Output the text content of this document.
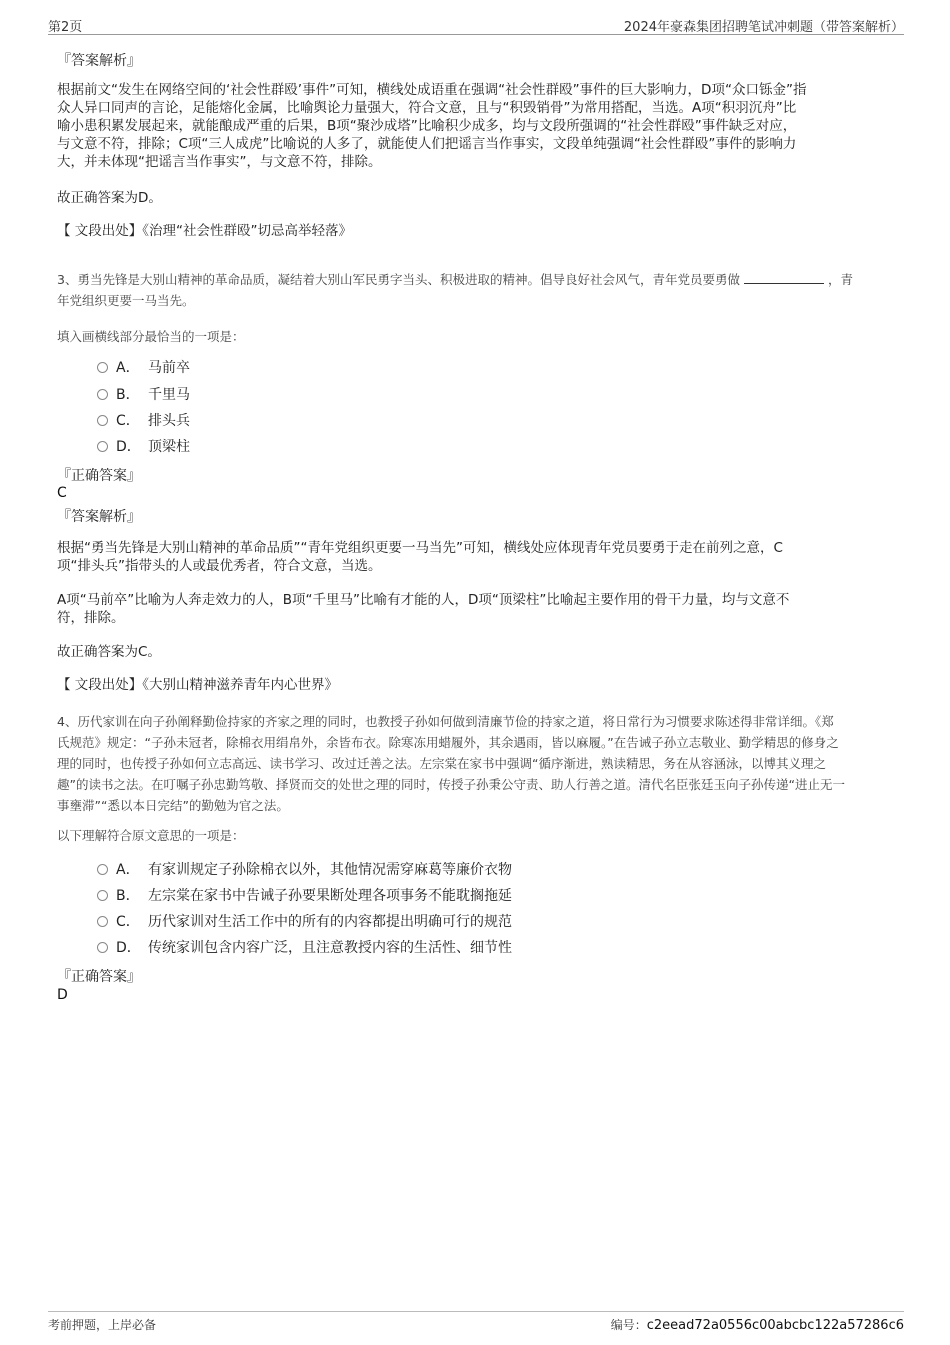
第2页	2024年豪森集团招聘笔试冲刺题（带答案解析）
『答案解析』
根据前文“发生在网络空间的‘社会性群殴’事件”可知，横线处成语重在强调“社会性群殴”事件的巨大影响力，D项“众口铄金”指
众人异口同声的言论，足能熔化金属，比喻舆论力量强大，符合文意，且与“积毁销骨”为常用搭配，当选。A项“积羽沉舟”比
喻小患积累发展起来，就能酿成严重的后果，B项“聚沙成塔”比喻积少成多，均与文段所强调的“社会性群殴”事件缺乏对应，
与文意不符，排除；C项“三人成虎”比喻说的人多了，就能使人们把谣言当作事实，文段单纯强调“社会性群殴”事件的影响力
大，并未体现“把谣言当作事实”，与文意不符，排除。
故正确答案为D。
【 文段出处】《治理“社会性群殴”切忌高举轻落》
3、勇当先锋是大别山精神的革命品质，凝结着大别山军民勇字当头、积极进取的精神。倡导良好社会风气，青年党员要勇做	，青
年党组织更要一马当先。
填入画横线部分最恰当的一项是：
A． 马前卒
B． 千里马
C． 排头兵
D． 顶梁柱
『正确答案』
C
『答案解析』
根据“勇当先锋是大别山精神的革命品质”“青年党组织更要一马当先”可知，横线处应体现青年党员要勇于走在前列之意，C
项“排头兵”指带头的人或最优秀者，符合文意，当选。
A项“马前卒”比喻为人奔走效力的人，B项“千里马”比喻有才能的人，D项“顶梁柱”比喻起主要作用的骨干力量，均与文意不
符，排除。
故正确答案为C。
【 文段出处】《大别山精神滋养青年内心世界》
4、历代家训在向子孙阐释勤俭持家的齐家之理的同时，也教授子孙如何做到清廉节俭的持家之道，将日常行为习惯要求陈述得非常详细。《郑
氏规范》规定：“子孙未冠者，除棉衣用绢帛外，余皆布衣。除寒冻用蜡履外，其余遇雨，皆以麻履。”在告诫子孙立志敬业、勤学精思的修身之
理的同时，也传授子孙如何立志高远、读书学习、改过迁善之法。左宗棠在家书中强调“循序渐进，熟读精思，务在从容涵泳，以博其义理之
趣”的读书之法。在叮嘱子孙忠勤笃敬、择贤而交的处世之理的同时，传授子孙秉公守责、助人行善之道。清代名臣张廷玉向子孙传递“进止无一
事壅滞”“悉以本日完结”的勤勉为官之法。
以下理解符合原文意思的一项是：
A． 有家训规定子孙除棉衣以外，其他情况需穿麻葛等廉价衣物
B． 左宗棠在家书中告诫子孙要果断处理各项事务不能耽搁拖延
C． 历代家训对生活工作中的所有的内容都提出明确可行的规范
D． 传统家训包含内容广泛，且注意教授内容的生活性、细节性
『正确答案』
D
考前押题，上岸必备	编号：c2eead72a0556c00abcbc122a57286c6
